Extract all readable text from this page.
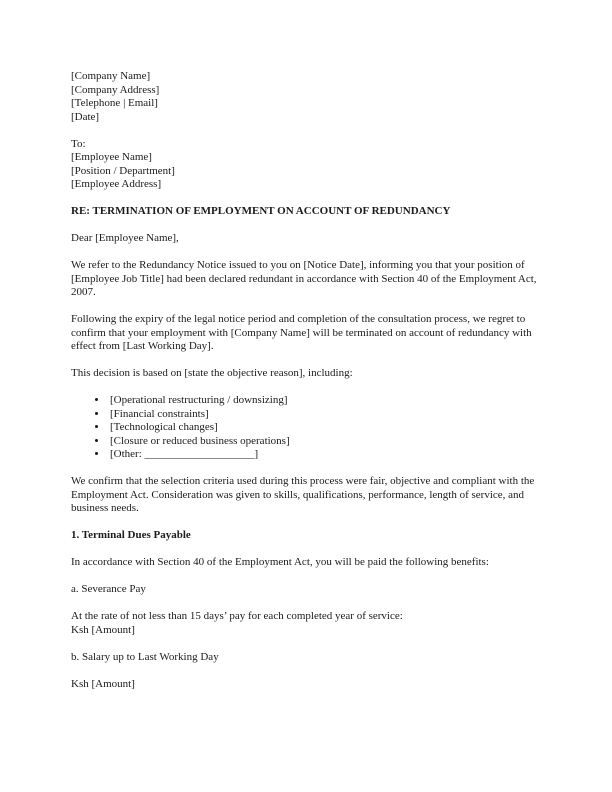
[Company Name]
[Company Address]
[Telephone | Email]
[Date]
To:
[Employee Name]
[Position / Department]
[Employee Address]

RE: TERMINATION OF EMPLOYMENT ON ACCOUNT OF REDUNDANCY

Dear [Employee Name],

We refer to the Redundancy Notice issued to you on [Notice Date], informing you that your position of [Employee Job Title] had been declared redundant in accordance with Section 40 of the Employment Act, 2007.

Following the expiry of the legal notice period and completion of the consultation process, we regret to confirm that your employment with [Company Name] will be terminated on account of redundancy with effect from [Last Working Day].

This decision is based on [state the objective reason], including:

• [Operational restructuring / downsizing]
• [Financial constraints]
• [Technological changes]
• [Closure or reduced business operations]
• [Other: ____________________]

We confirm that the selection criteria used during this process were fair, objective and compliant with the Employment Act. Consideration was given to skills, qualifications, performance, length of service, and business needs.

1. Terminal Dues Payable

In accordance with Section 40 of the Employment Act, you will be paid the following benefits:

a. Severance Pay

At the rate of not less than 15 days’ pay for each completed year of service:
Ksh [Amount]

b. Salary up to Last Working Day

Ksh [Amount]
